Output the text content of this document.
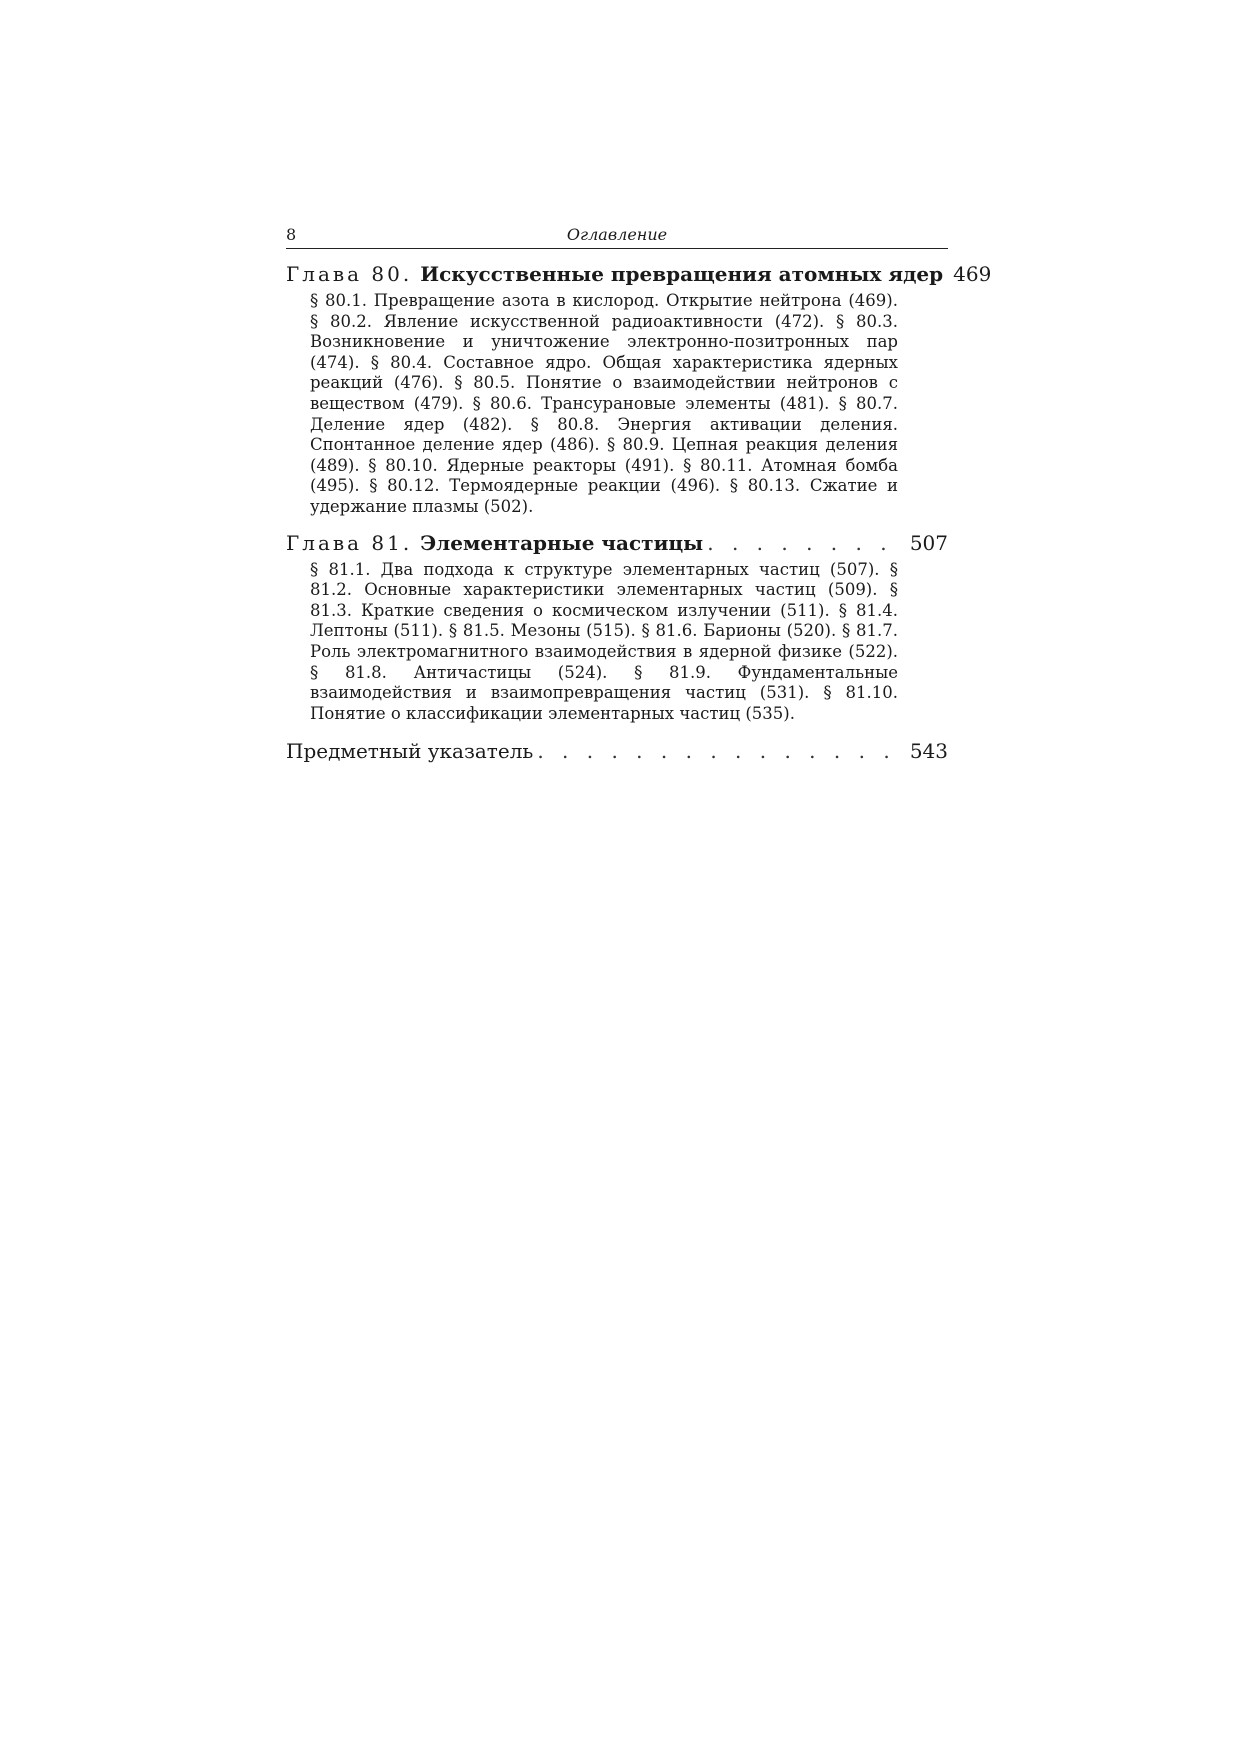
8	Оглавление
Глава 80. Искусственные превращения атомных ядер 469
§ 80.1. Превращение азота в кислород. Открытие нейтрона (469). § 80.2. Явление искусственной радиоактивности (472). § 80.3. Возникновение и уничтожение электронно-позитронных пар (474). § 80.4. Составное ядро. Общая характеристика ядерных реакций (476). § 80.5. Понятие о взаимодействии нейтронов с веществом (479). § 80.6. Трансурановые элементы (481). § 80.7. Деление ядер (482). § 80.8. Энергия активации деления. Спонтанное деление ядер (486). § 80.9. Цепная реакция деления (489). § 80.10. Ядерные реакторы (491). § 80.11. Атомная бомба (495). § 80.12. Термоядерные реакции (496). § 80.13. Сжатие и удержание плазмы (502).
Глава 81. Элементарные частицы . . .	507
§ 81.1. Два подхода к структуре элементарных частиц (507). § 81.2. Основные характеристики элементарных частиц (509). § 81.3. Краткие сведения о космическом излучении (511). § 81.4. Лептоны (511). § 81.5. Мезоны (515). § 81.6. Барионы (520). § 81.7. Роль электромагнитного взаимодействия в ядерной физике (522). § 81.8. Античастицы (524). § 81.9. Фундаментальные взаимодействия и взаимопревращения частиц (531). § 81.10. Понятие о классификации элементарных частиц (535).
Предметный указатель . . .	543
